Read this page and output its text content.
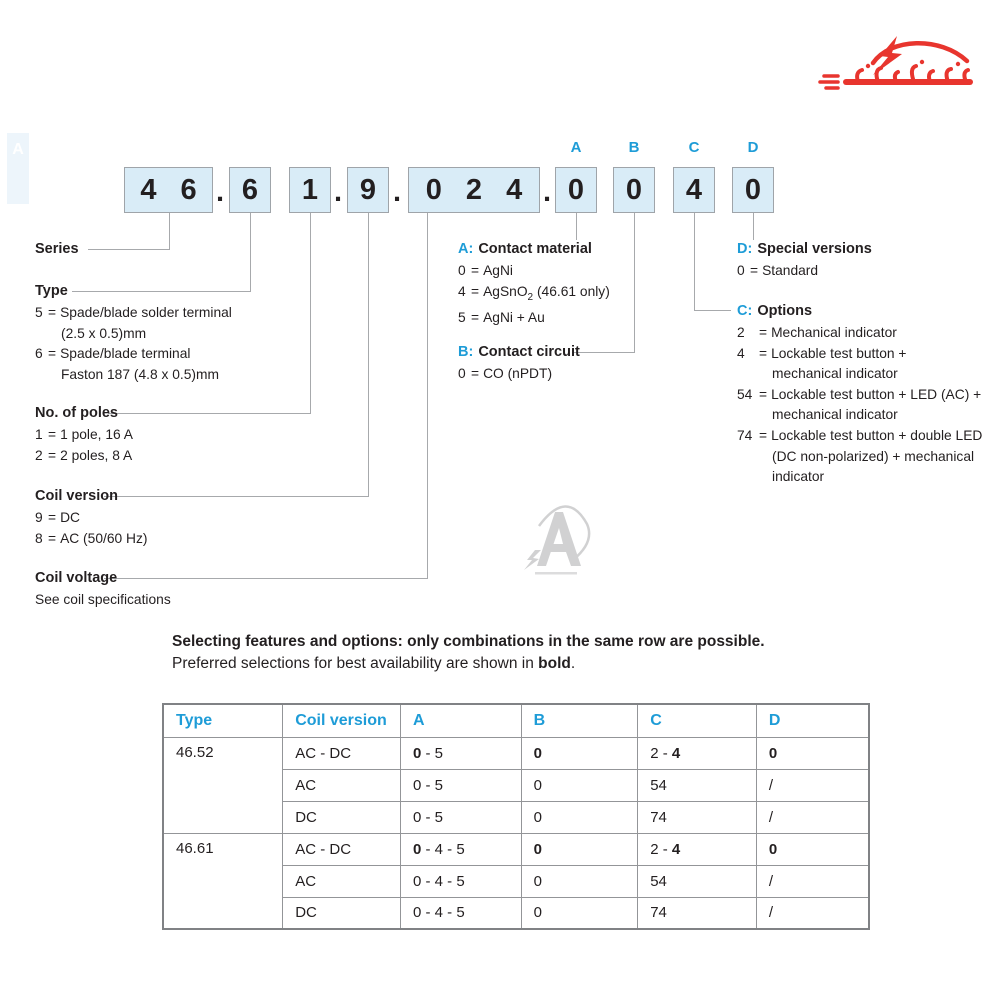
A	A	B	C	D
4 6 . 6	1 . 9 . 0 2 4 . 0	0	4	0
Series
Type
5 = Spade/blade solder terminal
(2.5 x 0.5)mm
6 = Spade/blade terminal
Faston 187 (4.8 x 0.5)mm
No. of poles
1 = 1 pole, 16 A
2 = 2 poles, 8 A
Coil version
9 = DC
8 = AC (50/60 Hz)
Coil voltage
See coil specifications
A: Contact material
0 = AgNi
4 = AgSnO$_2$ (46.61 only)
5 = AgNi + Au
B: Contact circuit
0 = CO (nPDT)
D: Special versions
0 = Standard
C: Options
2	= Mechanical indicator
4	= Lockable test button +
mechanical indicator
54 = Lockable test button + LED (AC) +
mechanical indicator
74 = Lockable test button + double LED
(DC non-polarized) + mechanical
indicator
Selecting features and options: only combinations in the same row are possible.
Preferred selections for best availability are shown in bold.
Type	Coil version	A	B	C	D
46.52	AC - DC	0 - 5	0	2 - 4	0
	AC	0 - 5	0	54	/
	DC	0 - 5	0	74	/
46.61	AC - DC	0 - 4 - 5	0	2 - 4	0
	AC	0 - 4 - 5	0	54	/
	DC	0 - 4 - 5	0	74	/
